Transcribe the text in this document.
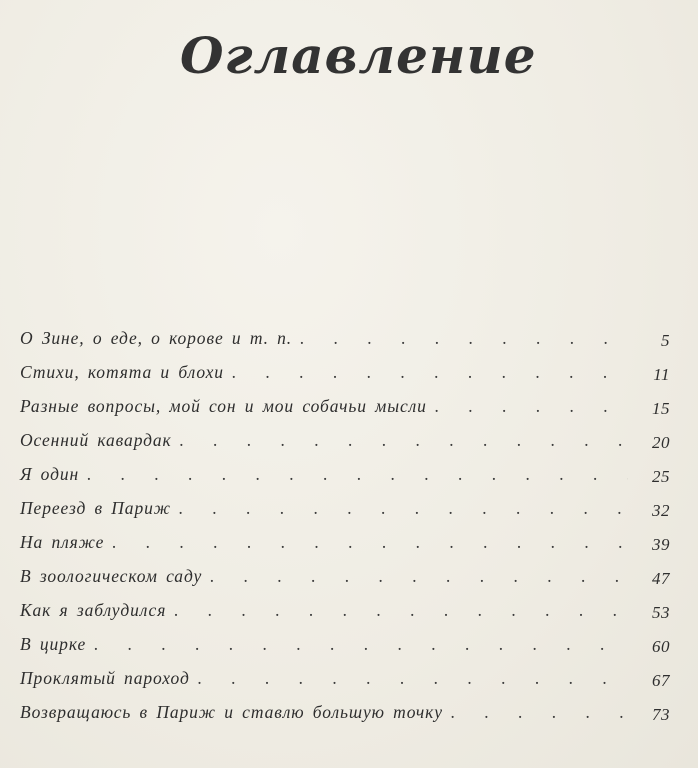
Оглавление
О Зине, о еде, о корове и т. п. . . .	5
Стихи, котята и блохи . . .	11
Разные вопросы, мой сон и мои собачьи мысли . . .	15
Осенний кавардак . . .	20
Я один . . .	25
Переезд в Париж . . .	32
На пляже . . .	39
В зоологическом саду . . .	47
Как я заблудился . . .	53
В цирке . . .	60
Проклятый пароход . . .	67
Возвращаюсь в Париж и ставлю большую точку . . .	73
